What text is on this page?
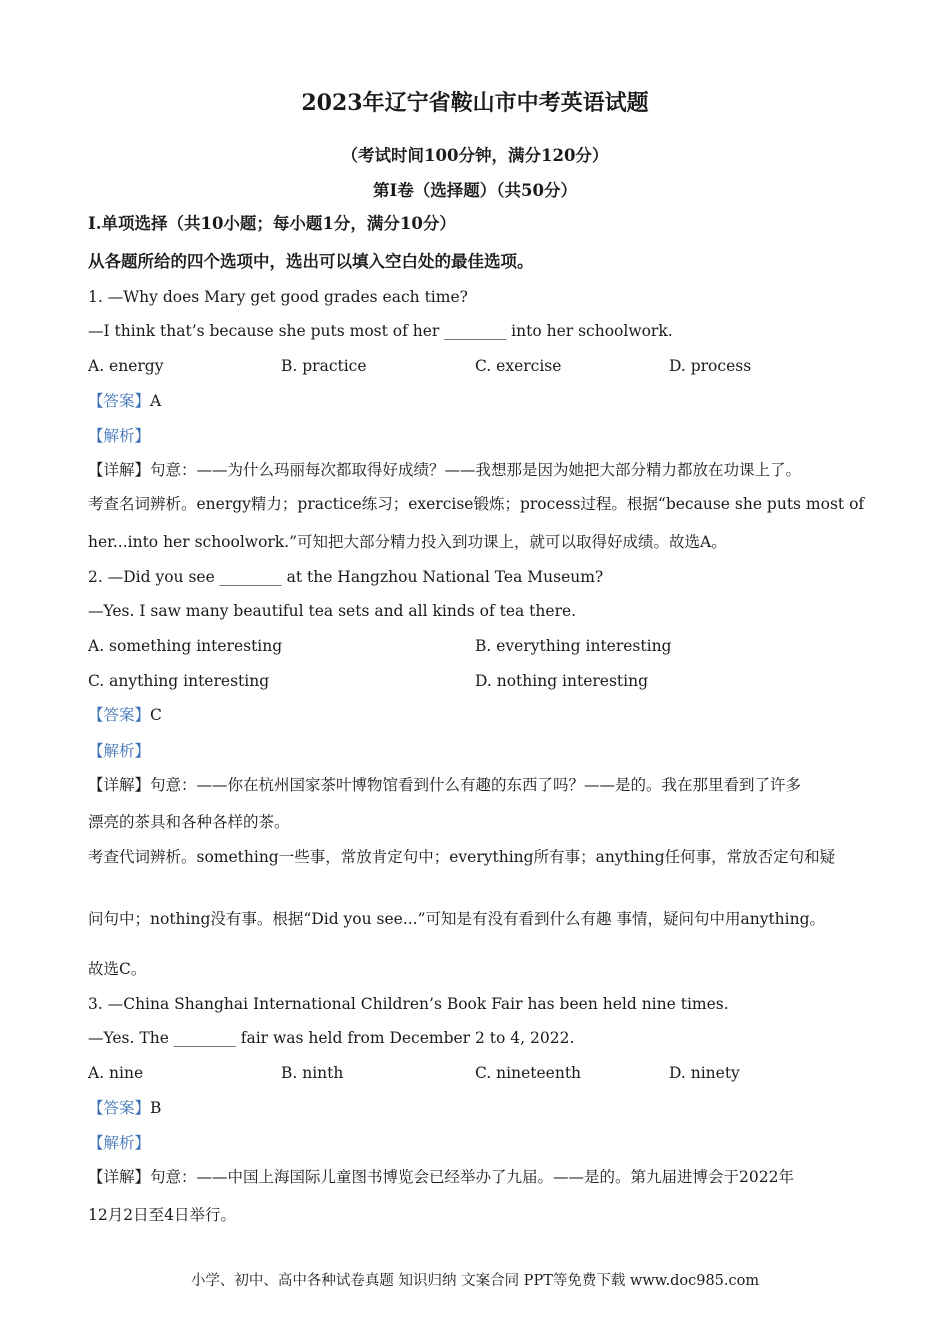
2023年辽宁省鞍山市中考英语试题
（考试时间100分钟，满分120分）
第I卷（选择题）（共50分）
I.单项选择（共10小题；每小题1分，满分10分）
从各题所给的四个选项中，选出可以填入空白处的最佳选项。
1. —Why does Mary get good grades each time?
—I think that’s because she puts most of her ________ into her schoolwork.
A. energy	B. practice	C. exercise	D. process
【答案】A
【解析】
【详解】句意：——为什么玛丽每次都取得好成绩？——我想那是因为她把大部分精力都放在功课上了。
考查名词辨析。energy精力；practice练习；exercise锻炼；process过程。根据“because she puts most of
her...into her schoolwork.”可知把大部分精力投入到功课上，就可以取得好成绩。故选A。
2. —Did you see ________ at the Hangzhou National Tea Museum?
—Yes. I saw many beautiful tea sets and all kinds of tea there.
A. something interesting	B. everything interesting
C. anything interesting	D. nothing interesting
【答案】C
【解析】
【详解】句意：——你在杭州国家茶叶博物馆看到什么有趣的东西了吗？——是的。我在那里看到了许多
漂亮的茶具和各种各样的茶。
考查代词辨析。something一些事，常放肯定句中；everything所有事；anything任何事，常放否定句和疑
问句中；nothing没有事。根据“Did you see...”可知是有没有看到什么有趣 事情，疑问句中用anything。
故选C。
3. —China Shanghai International Children’s Book Fair has been held nine times.
—Yes. The ________ fair was held from December 2 to 4, 2022.
A. nine	B. ninth	C. nineteenth	D. ninety
【答案】B
【解析】
【详解】句意：——中国上海国际儿童图书博览会已经举办了九届。——是的。第九届进博会于2022年
12月2日至4日举行。
小学、初中、高中各种试卷真题 知识归纳 文案合同 PPT等免费下载 www.doc985.com
